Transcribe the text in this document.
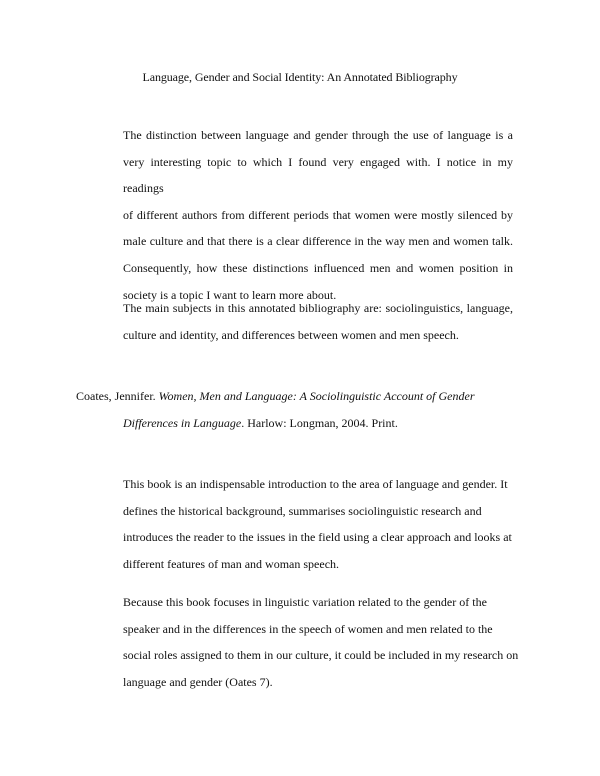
Language, Gender and Social Identity: An Annotated Bibliography
The distinction between language and gender through the use of language is a
very interesting topic to which I found very engaged with. I notice in my readings
of different authors from different periods that women were mostly silenced by
male culture and that there is a clear difference in the way men and women talk.
Consequently, how these distinctions influenced men and women position in
society is a topic I want to learn more about.
The main subjects in this annotated bibliography are: sociolinguistics, language,
culture and identity, and differences between women and men speech.
Coates, Jennifer. Women, Men and Language: A Sociolinguistic Account of Gender
Differences in Language. Harlow: Longman, 2004. Print.
This book is an indispensable introduction to the area of language and gender. It
defines the historical background, summarises sociolinguistic research and
introduces the reader to the issues in the field using a clear approach and looks at
different features of man and woman speech.
Because this book focuses in linguistic variation related to the gender of the
speaker and in the differences in the speech of women and men related to the
social roles assigned to them in our culture, it could be included in my research on
language and gender (Oates 7).
